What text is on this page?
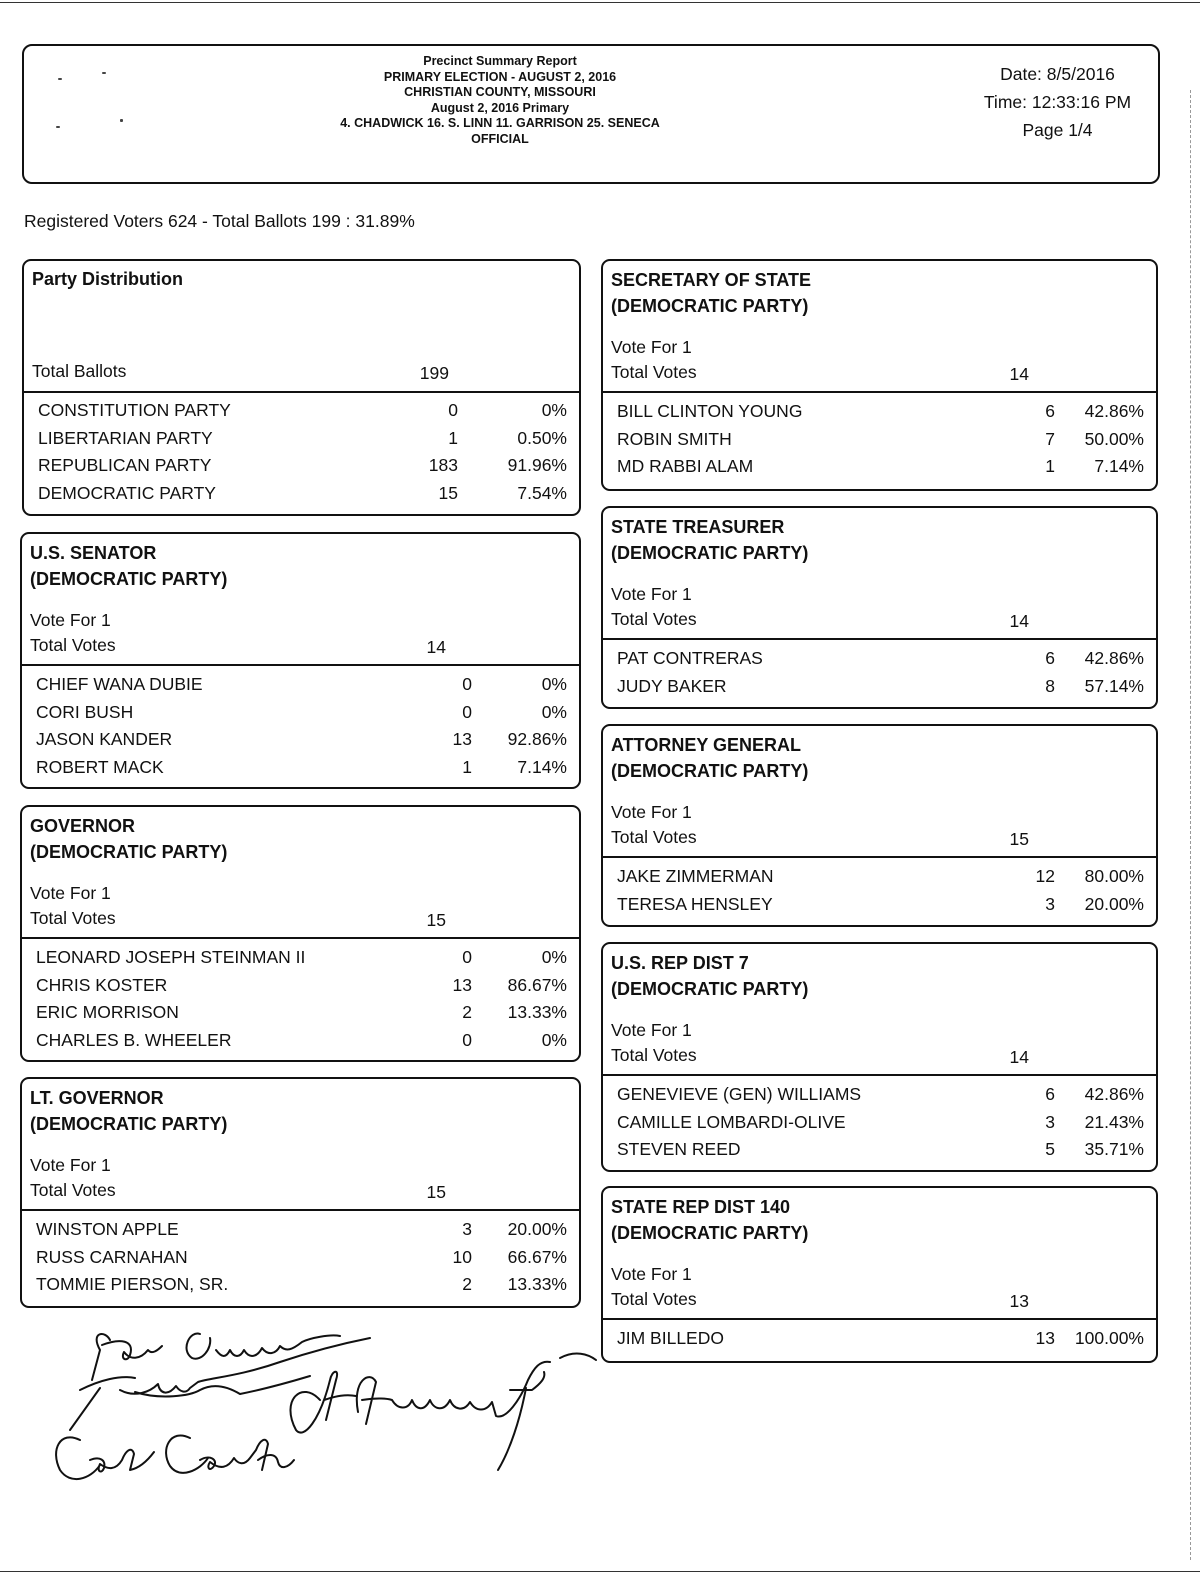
Precinct Summary Report
PRIMARY ELECTION - AUGUST 2, 2016
CHRISTIAN COUNTY, MISSOURI
August 2, 2016 Primary
4. CHADWICK 16. S. LINN 11. GARRISON 25. SENECA
OFFICIAL
Date: 8/5/2016
Time: 12:33:16 PM
Page 1/4
Registered Voters 624 - Total Ballots 199 : 31.89%
Party Distribution
Total Ballots	199
CONSTITUTION PARTY	0	0%
LIBERTARIAN PARTY	1	0.50%
REPUBLICAN PARTY	183	91.96%
DEMOCRATIC PARTY	15	7.54%
U.S. SENATOR
(DEMOCRATIC PARTY)
Vote For 1
Total Votes	14
CHIEF WANA DUBIE	0	0%
CORI BUSH	0	0%
JASON KANDER	13	92.86%
ROBERT MACK	1	7.14%
GOVERNOR
(DEMOCRATIC PARTY)
Vote For 1
Total Votes	15
LEONARD JOSEPH STEINMAN II	0	0%
CHRIS KOSTER	13	86.67%
ERIC MORRISON	2	13.33%
CHARLES B. WHEELER	0	0%
LT. GOVERNOR
(DEMOCRATIC PARTY)
Vote For 1
Total Votes	15
WINSTON APPLE	3	20.00%
RUSS CARNAHAN	10	66.67%
TOMMIE PIERSON, SR.	2	13.33%
SECRETARY OF STATE
(DEMOCRATIC PARTY)
Vote For 1
Total Votes	14
BILL CLINTON YOUNG	6	42.86%
ROBIN SMITH	7	50.00%
MD RABBI ALAM	1	7.14%
STATE TREASURER
(DEMOCRATIC PARTY)
Vote For 1
Total Votes	14
PAT CONTRERAS	6	42.86%
JUDY BAKER	8	57.14%
ATTORNEY GENERAL
(DEMOCRATIC PARTY)
Vote For 1
Total Votes	15
JAKE ZIMMERMAN	12	80.00%
TERESA HENSLEY	3	20.00%
U.S. REP DIST 7
(DEMOCRATIC PARTY)
Vote For 1
Total Votes	14
GENEVIEVE (GEN) WILLIAMS	6	42.86%
CAMILLE LOMBARDI-OLIVE	3	21.43%
STEVEN REED	5	35.71%
STATE REP DIST 140
(DEMOCRATIC PARTY)
Vote For 1
Total Votes	13
JIM BILLEDO	13	100.00%
